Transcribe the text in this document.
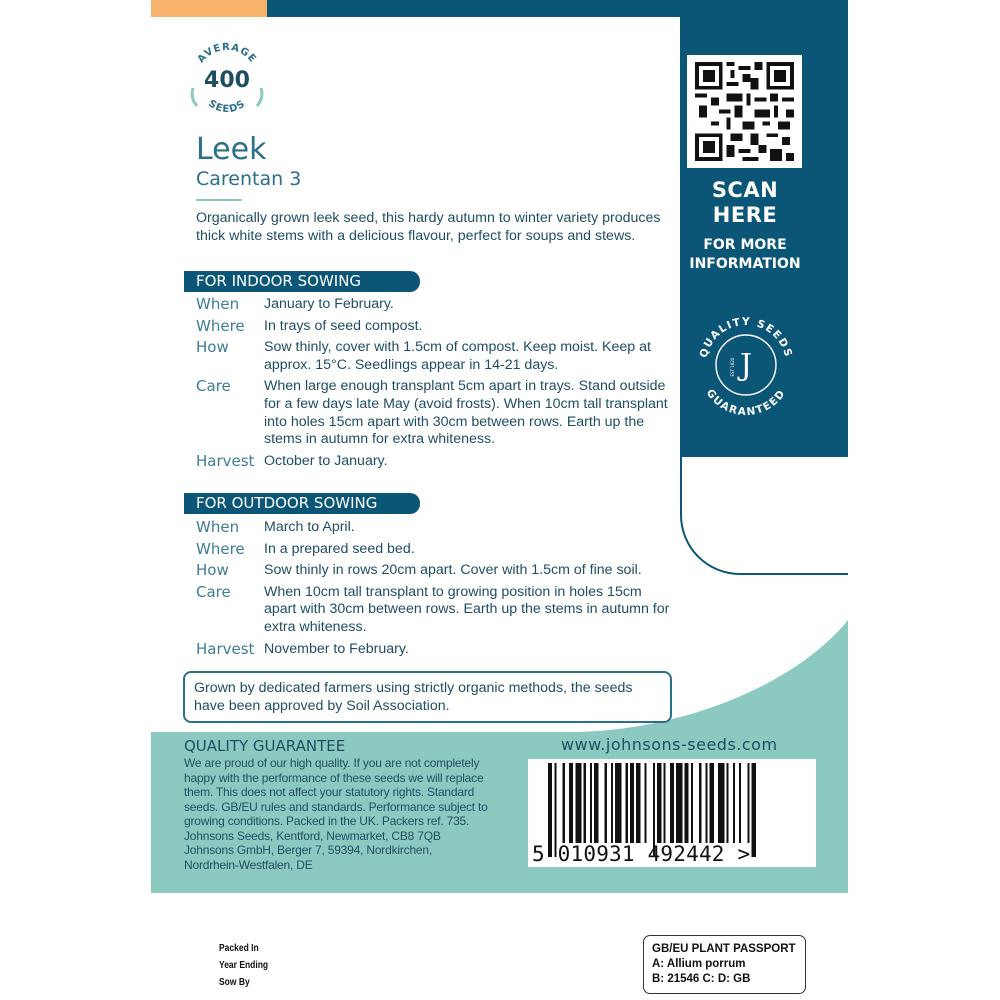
SCAN
HERE
FOR MORE
INFORMATION
QUALITY SEEDS
GUARANTEED
J
EST 1820
AVERAGE
SEEDS
400
Leek
Carentan 3

Organically grown leek seed, this hardy autumn to winter variety produces thick white stems with a delicious flavour, perfect for soups and stews.

FOR INDOOR SOWING
When	January to February.
Where	In trays of seed compost.
How	Sow thinly, cover with 1.5cm of compost. Keep moist. Keep at approx. 15°C. Seedlings appear in 14-21 days.
Care	When large enough transplant 5cm apart in trays. Stand outside for a few days late May (avoid frosts). When 10cm tall transplant into holes 15cm apart with 30cm between rows. Earth up the stems in autumn for extra whiteness.
Harvest October to January.
FOR OUTDOOR SOWING
When	March to April.
Where	In a prepared seed bed.
How	Sow thinly in rows 20cm apart. Cover with 1.5cm of fine soil.
Care	When 10cm tall transplant to growing position in holes 15cm apart with 30cm between rows. Earth up the stems in autumn for extra whiteness.
Harvest November to February.
Grown by dedicated farmers using strictly organic methods, the seeds have been approved by Soil Association.
QUALITY GUARANTEE
We are proud of our high quality. If you are not completely
happy with the performance of these seeds we will replace
them. This does not affect your statutory rights. Standard
seeds. GB/EU rules and standards. Performance subject to
growing conditions. Packed in the UK. Packers ref. 735.
Johnsons Seeds, Kentford, Newmarket, CB8 7QB
Johnsons GmbH, Berger 7, 59394, Nordkirchen,
Nordrhein-Westfalen, DE
www.johnsons-seeds.com
5 010931 492442 >
Packed In
Year Ending
Sow By
GB/EU PLANT PASSPORT
A: Allium porrum
B: 21546 C: D: GB
